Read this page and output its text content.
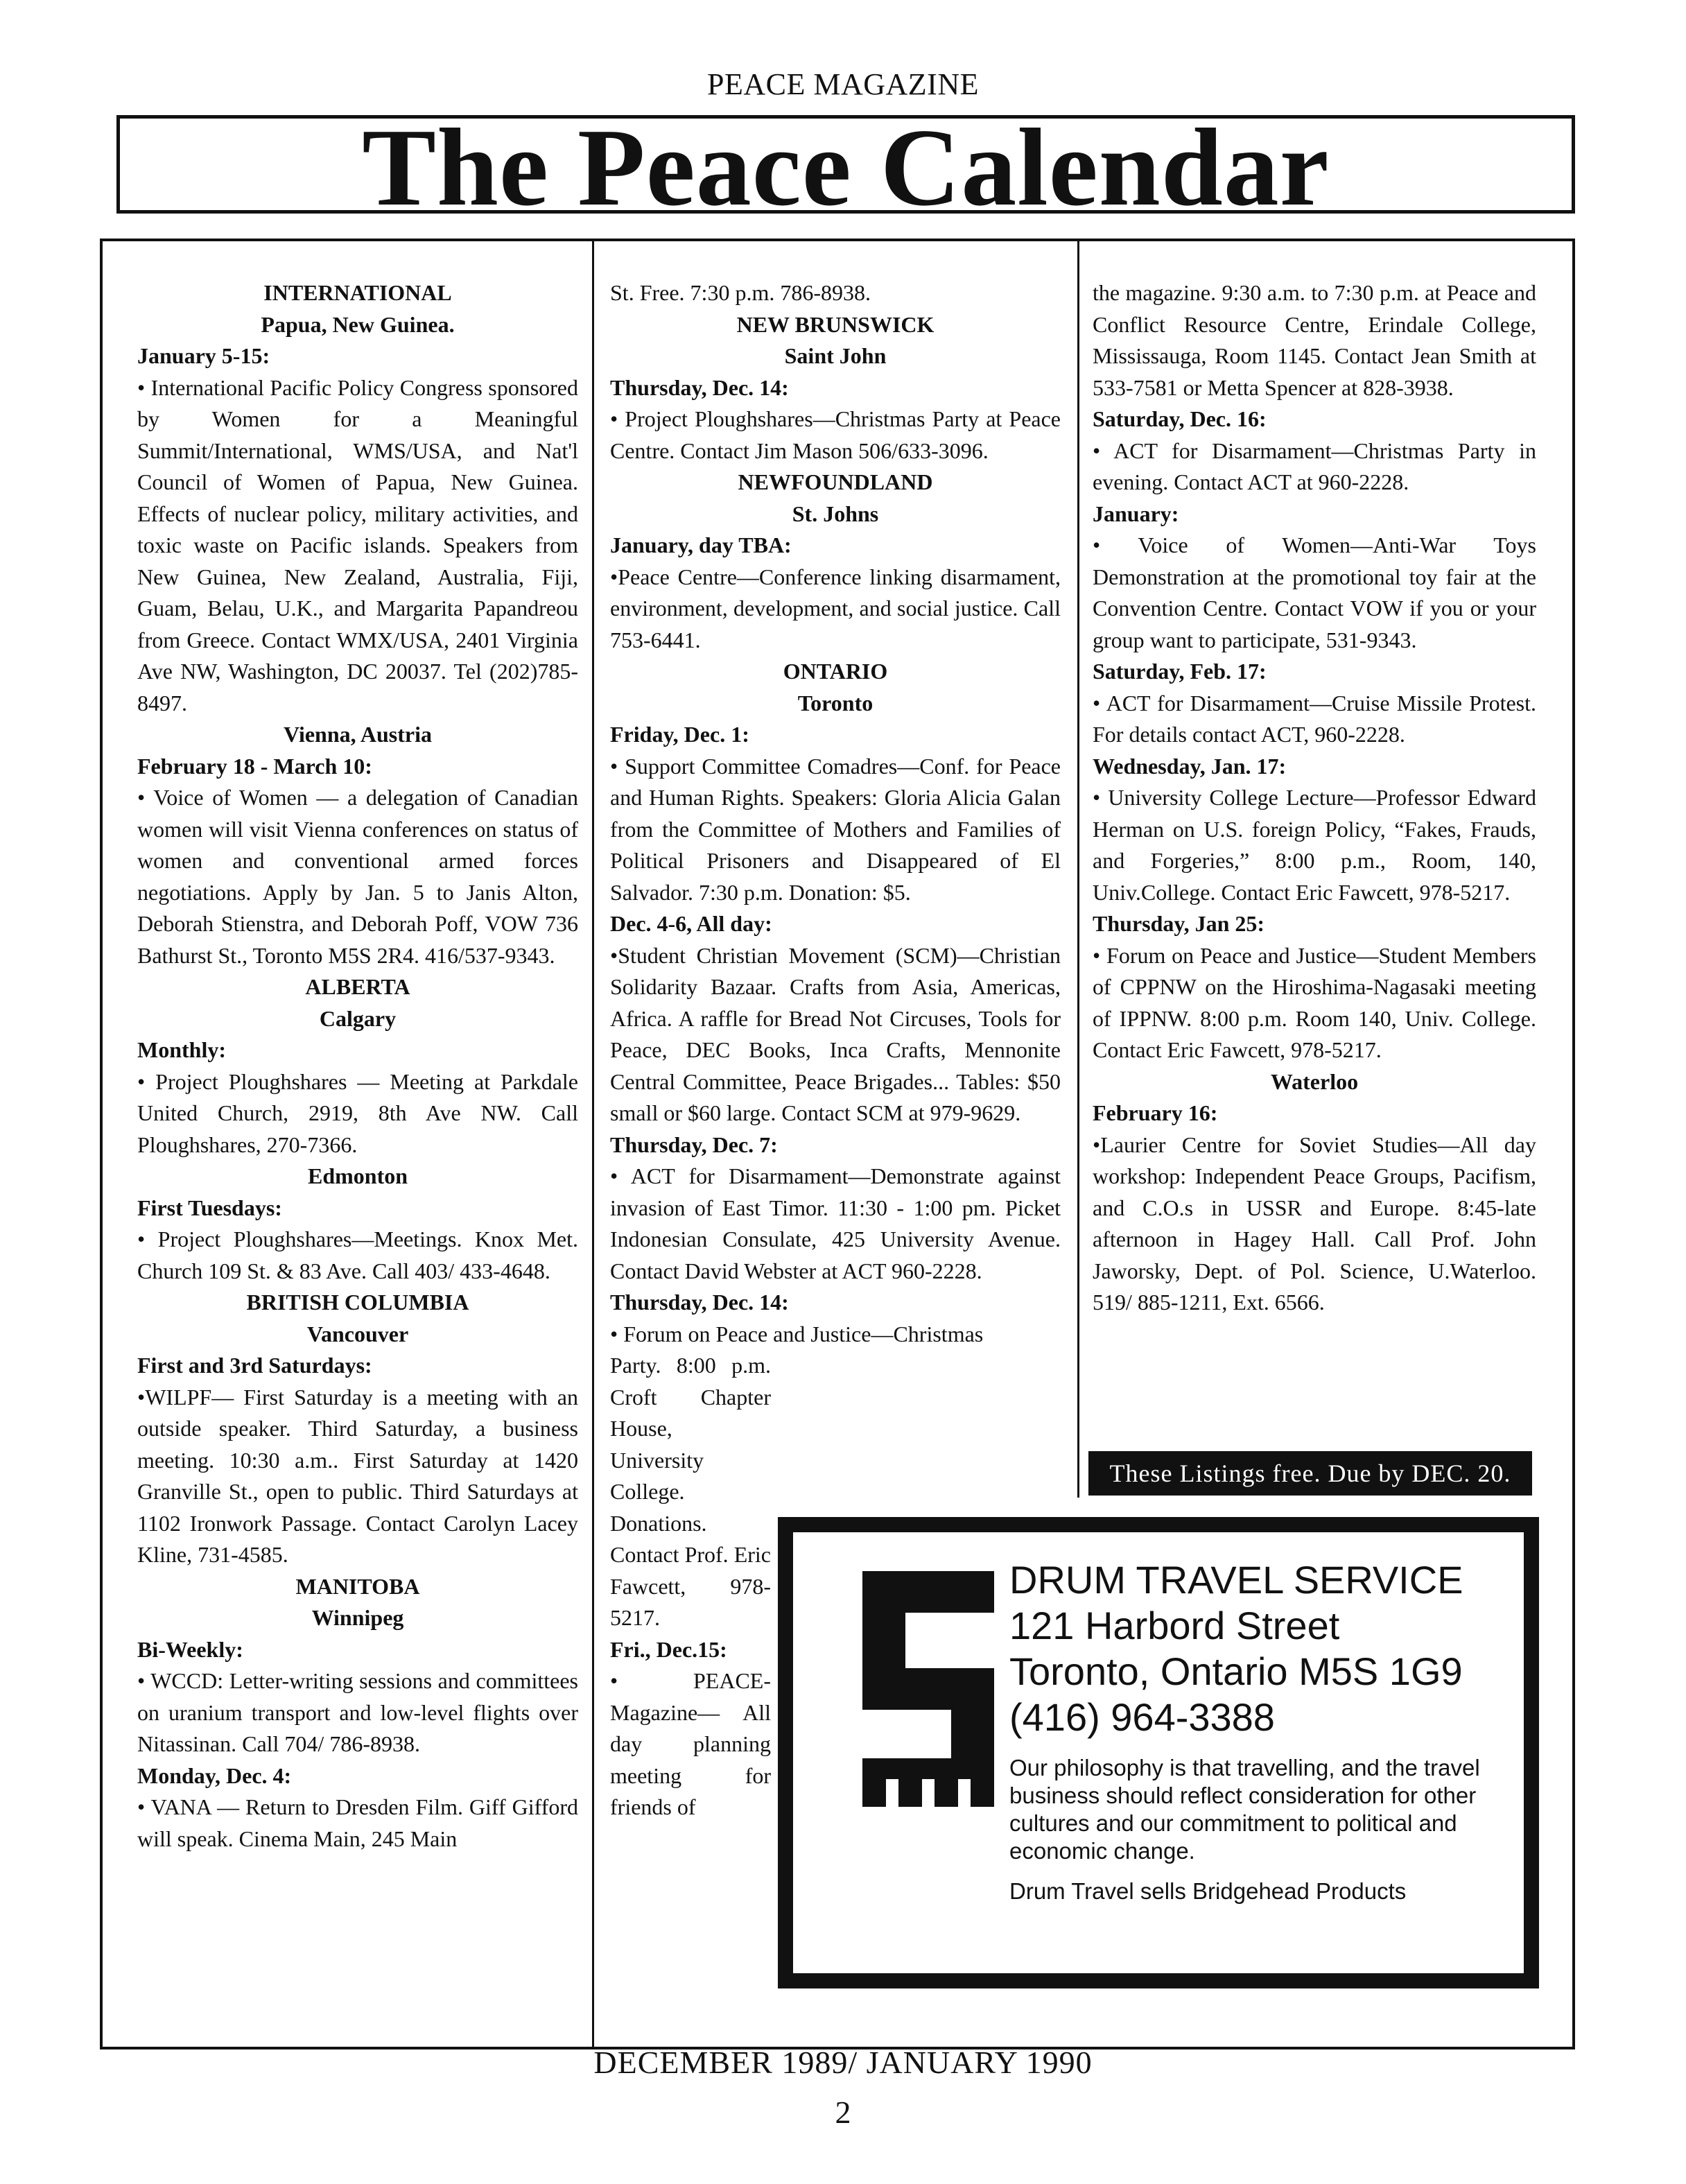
PEACE MAGAZINE
The Peace Calendar
INTERNATIONAL
Papua, New Guinea.
January 5-15:
• International Pacific Policy Congress sponsored by Women for a Meaningful Summit/International, WMS/USA, and Nat'l Council of Women of Papua, New Guinea. Effects of nuclear policy, military activities, and toxic waste on Pacific islands. Speakers from New Guinea, New Zealand, Australia, Fiji, Guam, Belau, U.K., and Margarita Papandreou from Greece. Contact WMX/USA, 2401 Virginia Ave NW, Washington, DC 20037. Tel (202)785-8497.
Vienna, Austria
February 18 - March 10:
• Voice of Women — a delegation of Canadian women will visit Vienna conferences on status of women and conventional armed forces negotiations. Apply by Jan. 5 to Janis Alton, Deborah Stienstra, and Deborah Poff, VOW 736 Bathurst St., Toronto M5S 2R4. 416/537-9343.
ALBERTA
Calgary
Monthly:
• Project Ploughshares — Meeting at Parkdale United Church, 2919, 8th Ave NW. Call Ploughshares, 270-7366.
Edmonton
First Tuesdays:
• Project Ploughshares—Meetings. Knox Met. Church 109 St. & 83 Ave. Call 403/ 433-4648.
BRITISH COLUMBIA
Vancouver
First and 3rd Saturdays:
•WILPF— First Saturday is a meeting with an outside speaker. Third Saturday, a business meeting. 10:30 a.m.. First Saturday at 1420 Granville St., open to public. Third Saturdays at 1102 Ironwork Passage. Contact Carolyn Lacey Kline, 731-4585.
MANITOBA
Winnipeg
Bi-Weekly:
• WCCD: Letter-writing sessions and committees on uranium transport and low-level flights over Nitassinan. Call 704/ 786-8938.
Monday, Dec. 4:
• VANA — Return to Dresden Film. Giff Gifford will speak. Cinema Main, 245 Main
St. Free. 7:30 p.m. 786-8938.
NEW BRUNSWICK
Saint John
Thursday, Dec. 14:
• Project Ploughshares—Christmas Party at Peace Centre. Contact Jim Mason 506/633-3096.
NEWFOUNDLAND
St. Johns
January, day TBA:
•Peace Centre—Conference linking disarmament, environment, development, and social justice. Call 753-6441.
ONTARIO
Toronto
Friday, Dec. 1:
• Support Committee Comadres—Conf. for Peace and Human Rights. Speakers: Gloria Alicia Galan from the Committee of Mothers and Families of Political Prisoners and Disappeared of El Salvador. 7:30 p.m. Donation: $5.
Dec. 4-6, All day:
•Student Christian Movement (SCM)—Christian Solidarity Bazaar. Crafts from Asia, Americas, Africa. A raffle for Bread Not Circuses, Tools for Peace, DEC Books, Inca Crafts, Mennonite Central Committee, Peace Brigades... Tables: $50 small or $60 large. Contact SCM at 979-9629.
Thursday, Dec. 7:
• ACT for Disarmament—Demonstrate against invasion of East Timor. 11:30 - 1:00 pm. Picket Indonesian Consulate, 425 University Avenue. Contact David Webster at ACT 960-2228.
Thursday, Dec. 14:
• Forum on Peace and Justice—Christmas
Party. 8:00 p.m. Croft Chapter House, University College. Donations. Contact Prof. Eric Fawcett, 978-5217.
Fri., Dec.15:
• PEACE-Magazine— All day planning meeting for friends of
the magazine. 9:30 a.m. to 7:30 p.m. at Peace and Conflict Resource Centre, Erindale College, Mississauga, Room 1145. Contact Jean Smith at 533-7581 or Metta Spencer at 828-3938.
Saturday, Dec. 16:
• ACT for Disarmament—Christmas Party in evening. Contact ACT at 960-2228.
January:
• Voice of Women—Anti-War Toys Demonstration at the promotional toy fair at the Convention Centre. Contact VOW if you or your group want to participate, 531-9343.
Saturday, Feb. 17:
• ACT for Disarmament—Cruise Missile Protest. For details contact ACT, 960-2228.
Wednesday, Jan. 17:
• University College Lecture—Professor Edward Herman on U.S. foreign Policy, “Fakes, Frauds, and Forgeries,” 8:00 p.m., Room, 140, Univ.College. Contact Eric Fawcett, 978-5217.
Thursday, Jan 25:
• Forum on Peace and Justice—Student Members of CPPNW on the Hiroshima-Nagasaki meeting of IPPNW. 8:00 p.m. Room 140, Univ. College. Contact Eric Fawcett, 978-5217.
Waterloo
February 16:
•Laurier Centre for Soviet Studies—All day workshop: Independent Peace Groups, Pacifism, and C.O.s in USSR and Europe. 8:45-late afternoon in Hagey Hall. Call Prof. John Jaworsky, Dept. of Pol. Science, U.Waterloo. 519/ 885-1211, Ext. 6566.
These Listings free. Due by DEC. 20.
DRUM TRAVEL SERVICE
121 Harbord Street
Toronto, Ontario M5S 1G9
(416) 964-3388
Our philosophy is that travelling, and the travel business should reflect consideration for other cultures and our commitment to political and economic change.
Drum Travel sells Bridgehead Products
DECEMBER 1989/ JANUARY 1990
2
